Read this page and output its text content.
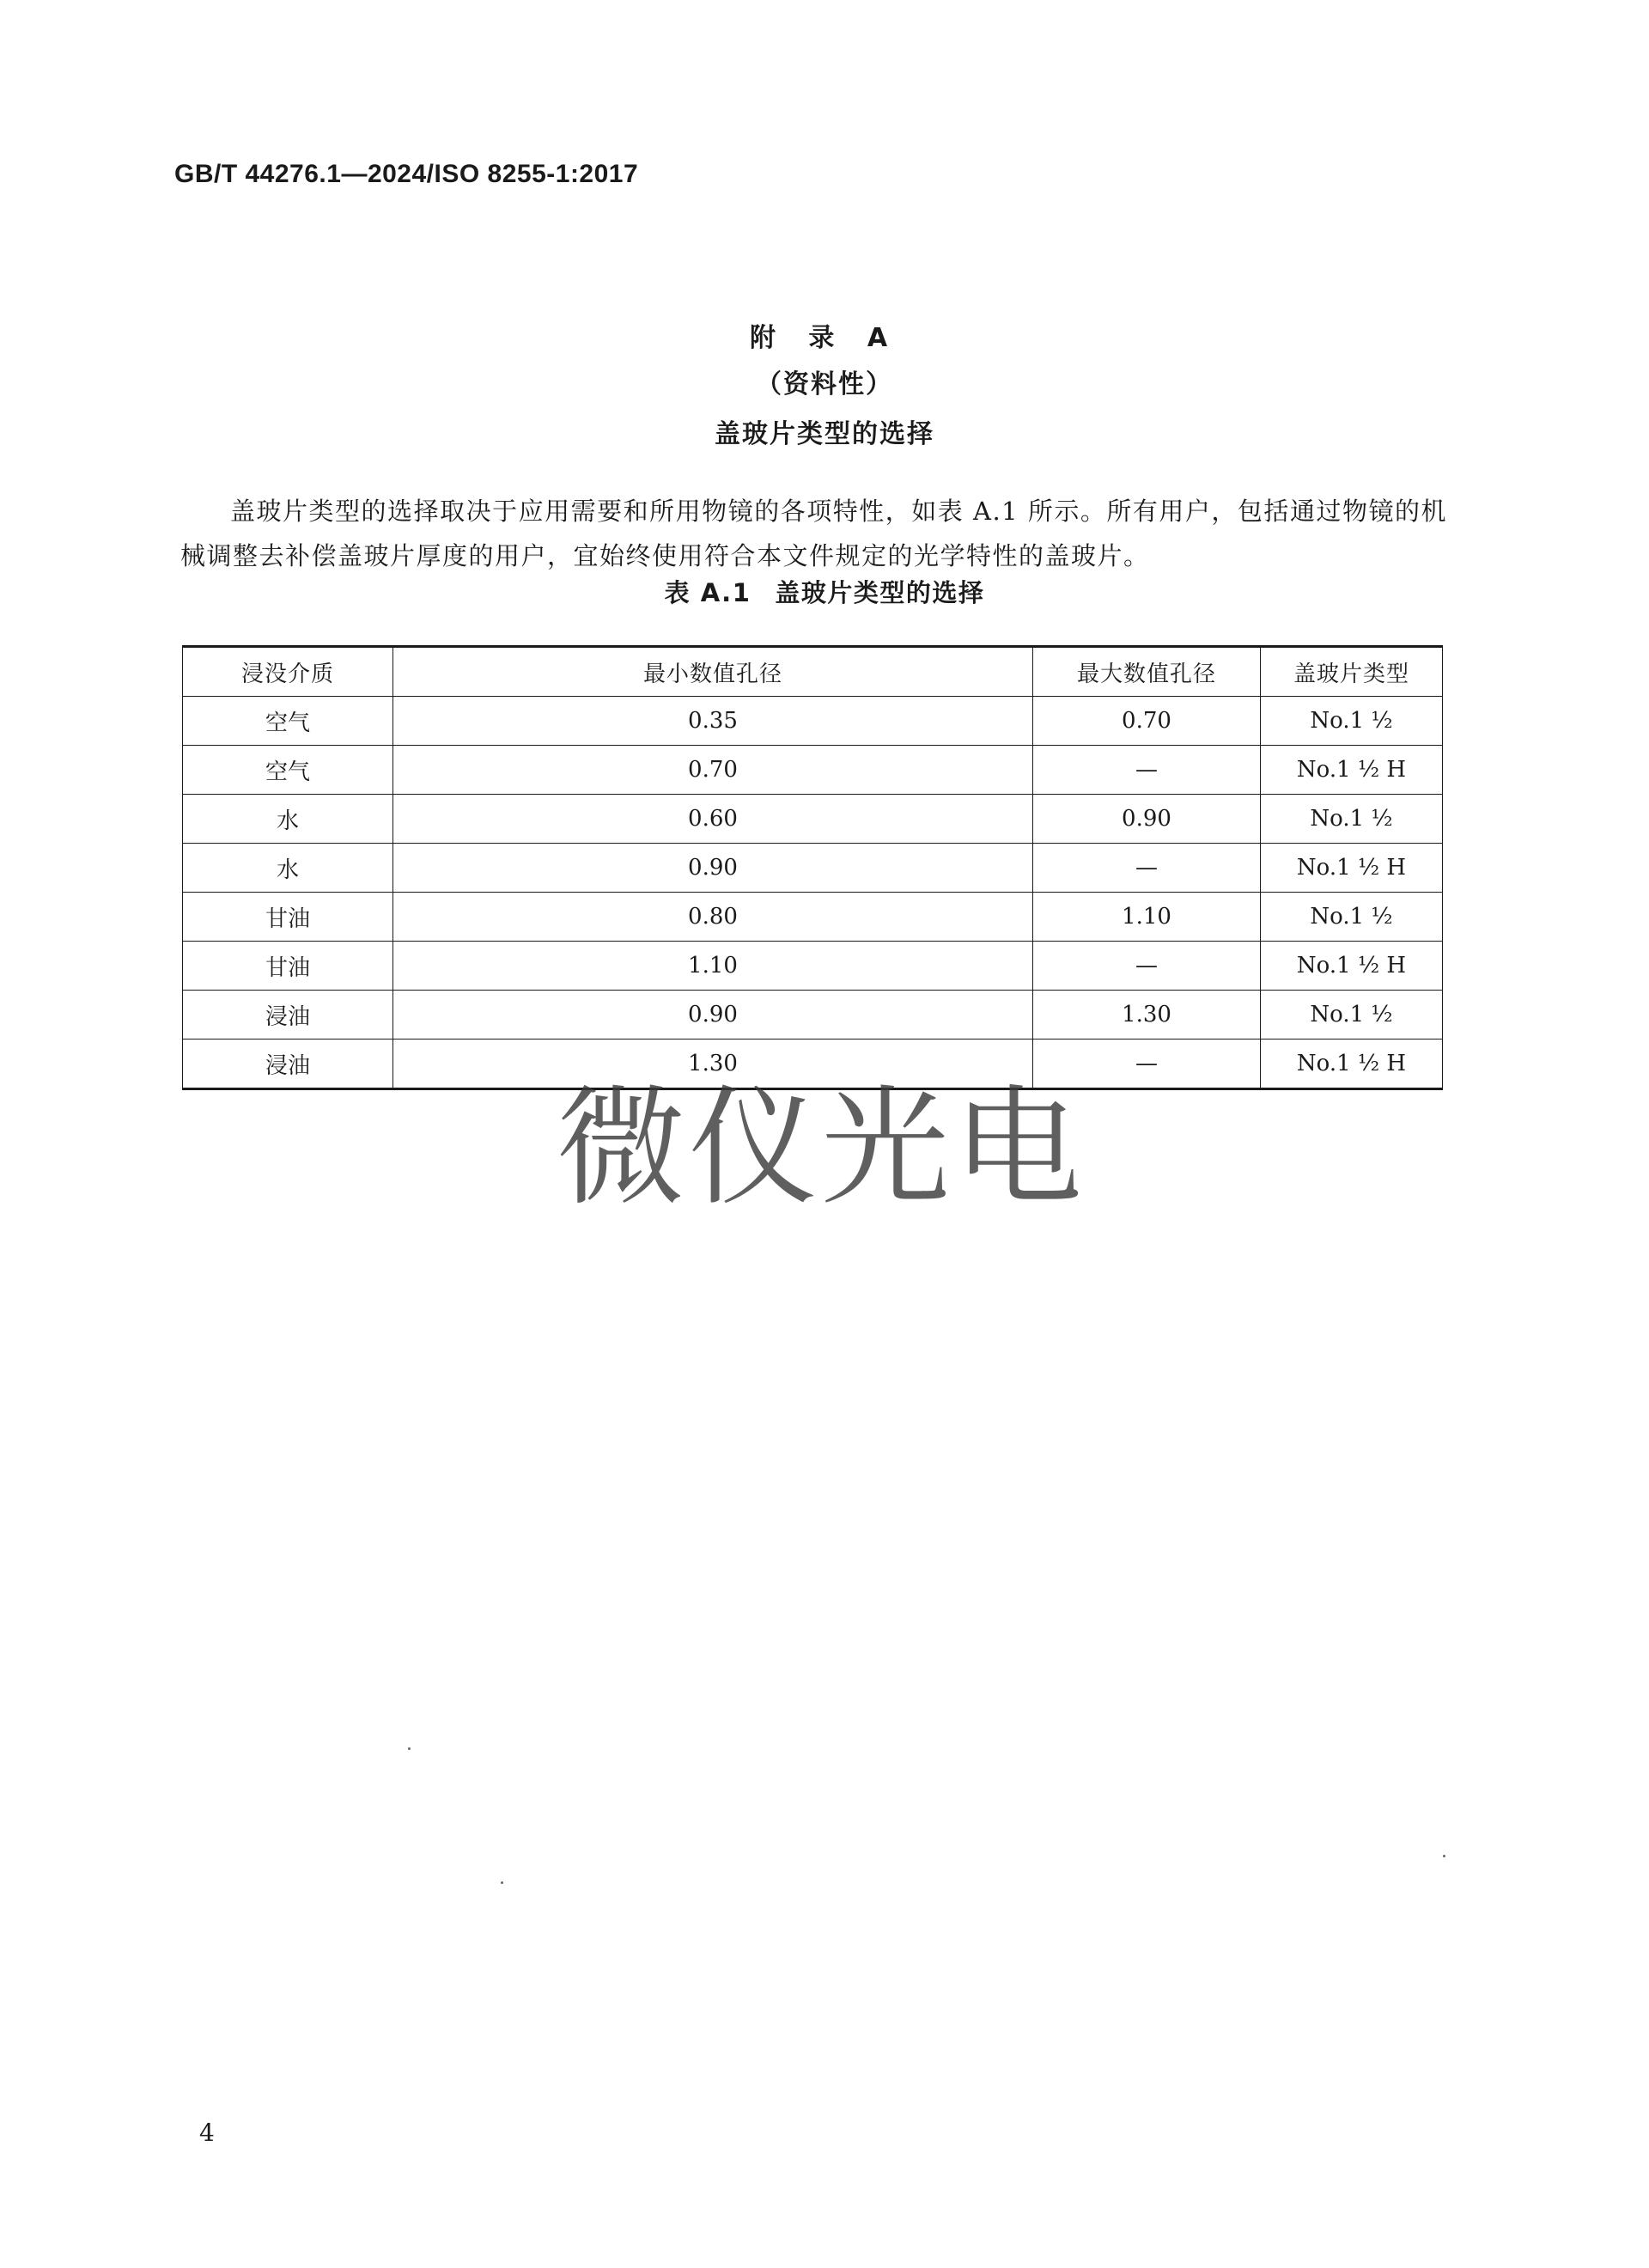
GB/T 44276.1—2024/ISO 8255-1:2017
附 录 A
（资料性）
盖玻片类型的选择

盖玻片类型的选择取决于应用需要和所用物镜的各项特性，如表 A.1 所示。所有用户，包括通过物镜的机械调整去补偿盖玻片厚度的用户，宜始终使用符合本文件规定的光学特性的盖玻片。

表 A.1 盖玻片类型的选择
浸没介质	最小数值孔径	最大数值孔径	盖玻片类型
空气	0.35	0.70	No.1 ½
空气	0.70	—	No.1 ½ H
水	0.60	0.90	No.1 ½
水	0.90	—	No.1 ½ H
甘油	0.80	1.10	No.1 ½
甘油	1.10	—	No.1 ½ H
浸油	0.90	1.30	No.1 ½
浸油	1.30	—	No.1 ½ H
微仪光电
4
